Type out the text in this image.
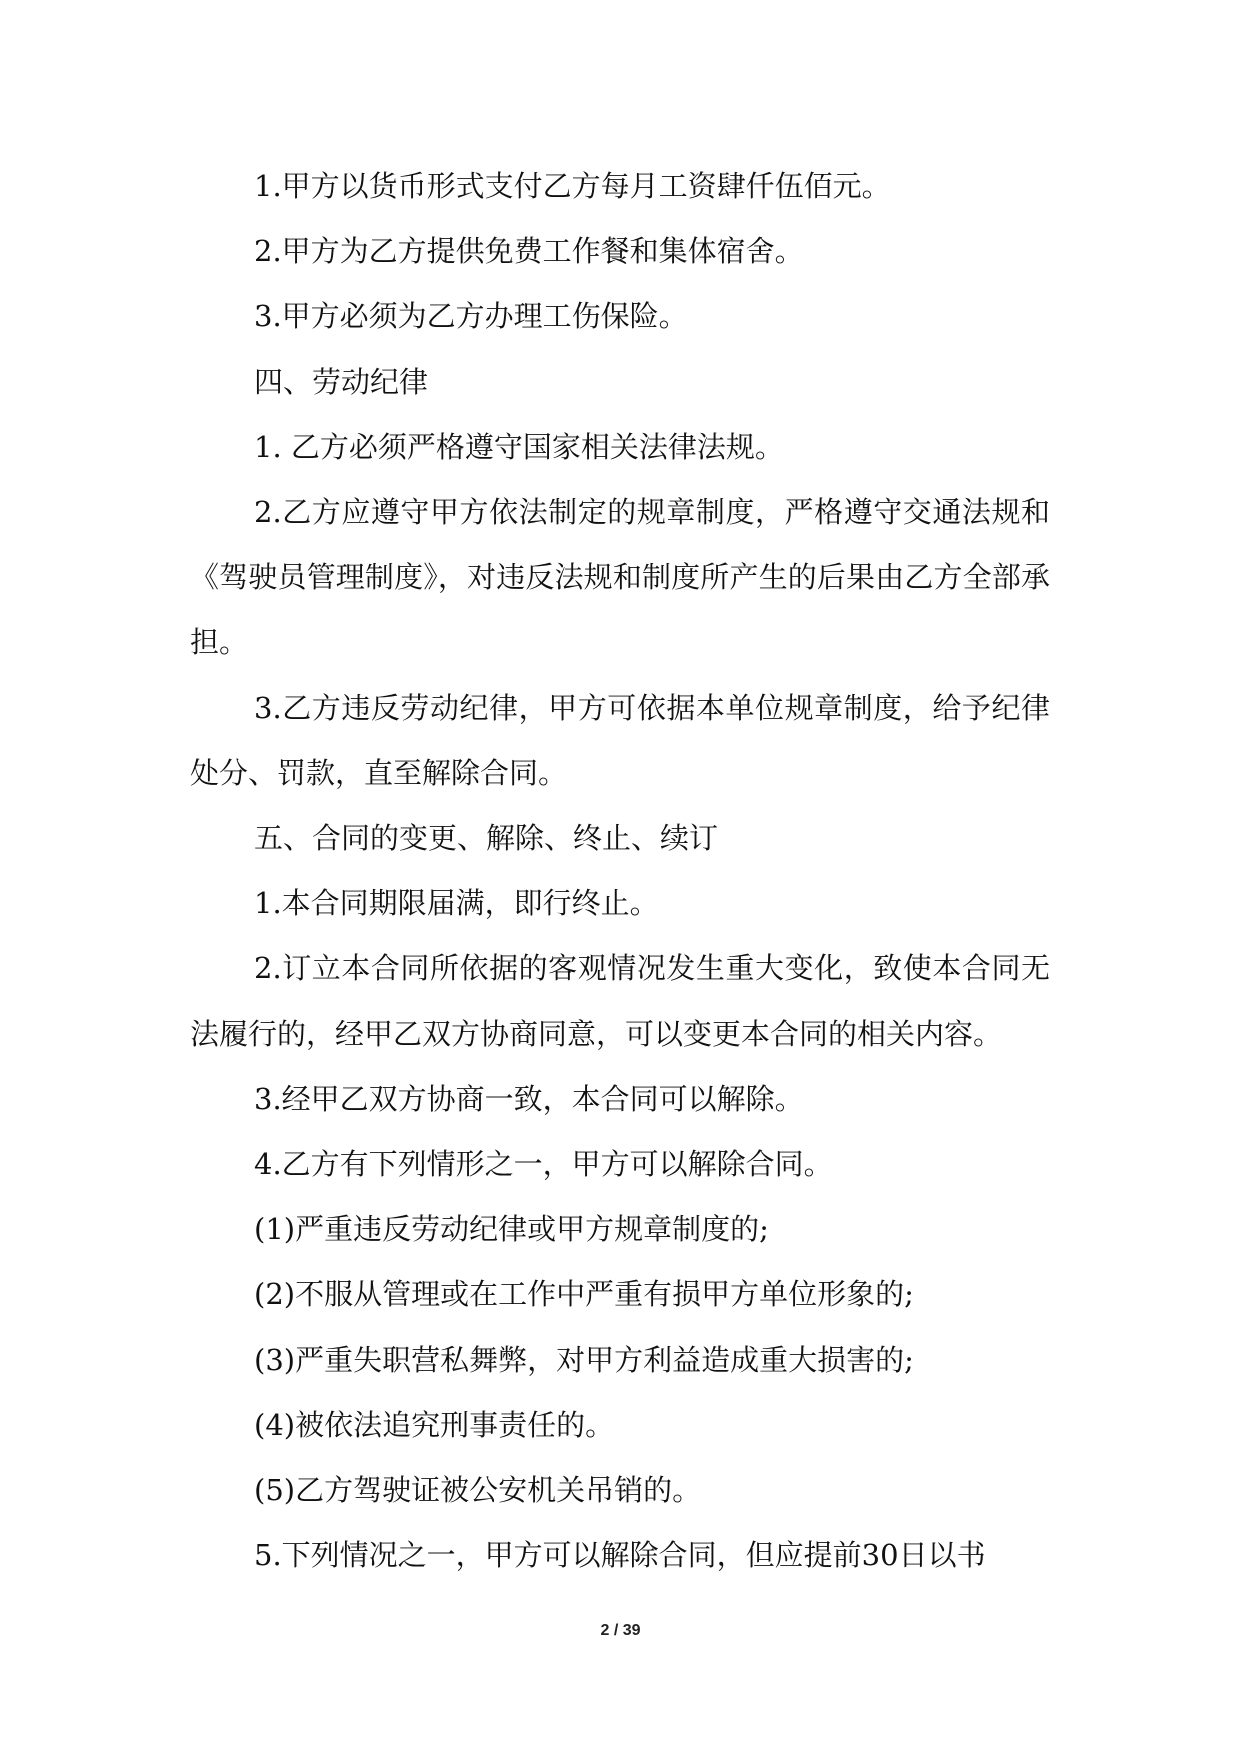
1.甲方以货币形式支付乙方每月工资肆仟伍佰元。

2.甲方为乙方提供免费工作餐和集体宿舍。

3.甲方必须为乙方办理工伤保险。

四、劳动纪律

1. 乙方必须严格遵守国家相关法律法规。

2.乙方应遵守甲方依法制定的规章制度，严格遵守交通法规和《驾驶员管理制度》，对违反法规和制度所产生的后果由乙方全部承担。

3.乙方违反劳动纪律，甲方可依据本单位规章制度，给予纪律处分、罚款，直至解除合同。

五、合同的变更、解除、终止、续订

1.本合同期限届满，即行终止。

2.订立本合同所依据的客观情况发生重大变化，致使本合同无法履行的，经甲乙双方协商同意，可以变更本合同的相关内容。

3.经甲乙双方协商一致，本合同可以解除。

4.乙方有下列情形之一，甲方可以解除合同。

(1)严重违反劳动纪律或甲方规章制度的;

(2)不服从管理或在工作中严重有损甲方单位形象的;

(3)严重失职营私舞弊，对甲方利益造成重大损害的;

(4)被依法追究刑事责任的。

(5)乙方驾驶证被公安机关吊销的。

5.下列情况之一，甲方可以解除合同，但应提前30日以书

2 / 39
